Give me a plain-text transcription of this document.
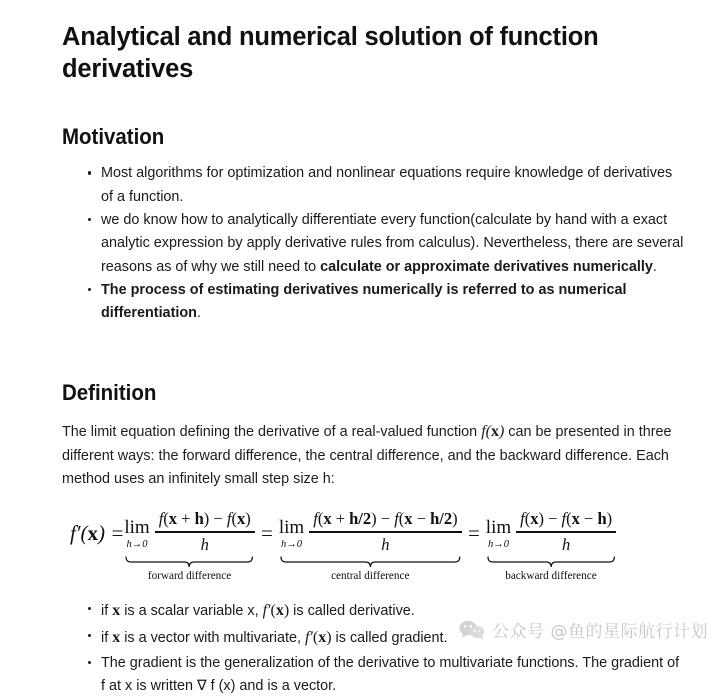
Analytical and numerical solution of function derivatives
Motivation
Most algorithms for optimization and nonlinear equations require knowledge of derivatives of a function.
we do know how to analytically differentiate every function(calculate by hand with a exact analytic expression by apply derivative rules from calculus). Nevertheless, there are several reasons as of why we still need to calculate or approximate derivatives numerically.
The process of estimating derivatives numerically is referred to as numerical differentiation.
Definition
The limit equation defining the derivative of a real-valued function f(x) can be presented in three different ways: the forward difference, the central difference, and the backward difference. Each method uses an infinitely small step size h:
f′(x) = lim
$h\to 0 \frac{f(x + h) - f(x)}{h}$
forward difference
= lim
$h\to 0 \frac{f(x + h/2) - f(x - h/2)}{h}$
central difference
= lim
$h\to 0 \frac{f(x) - f(x - h)}{h}$
backward difference
if x is a scalar variable x, f′(x) is called derivative.
if x is a vector with multivariate, f′(x) is called gradient.
The gradient is the generalization of the derivative to multivariate functions. The gradient of f at x is written ∇ f (x) and is a vector.
公众号 @鱼的星际航行计划
